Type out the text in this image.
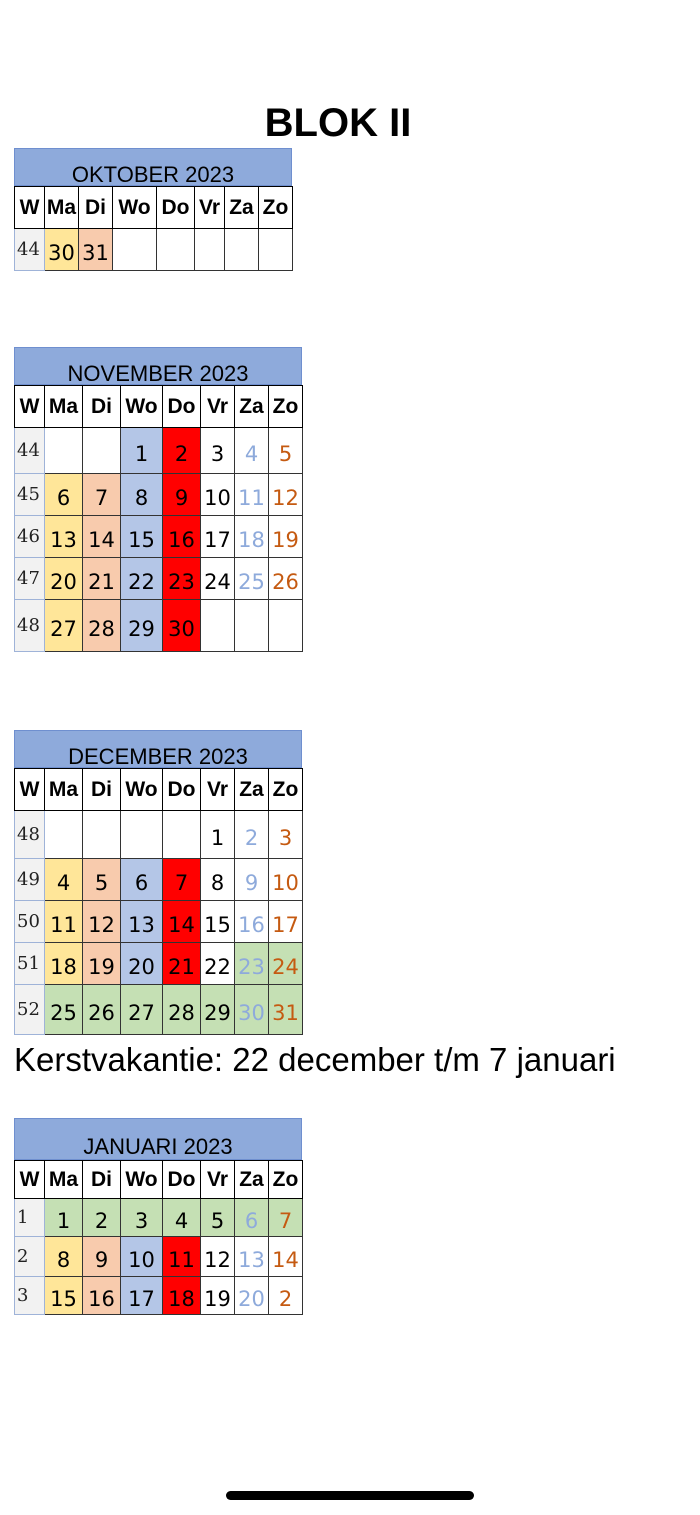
BLOK II
OKTOBER 2023
W	Ma	Di	Wo	Do	Vr	Za	Zo
44	30	31					
NOVEMBER 2023
W	Ma	Di	Wo	Do	Vr	Za	Zo
44			1	2	3	4	5
45	6	7	8	9	10	11	12
46	13	14	15	16	17	18	19
47	20	21	22	23	24	25	26
48	27	28	29	30			
DECEMBER 2023
W	Ma	Di	Wo	Do	Vr	Za	Zo
48					1	2	3
49	4	5	6	7	8	9	10
50	11	12	13	14	15	16	17
51	18	19	20	21	22	23	24
52	25	26	27	28	29	30	31
JANUARI 2023
W	Ma	Di	Wo	Do	Vr	Za	Zo
1	1	2	3	4	5	6	7
2	8	9	10	11	12	13	14
3	15	16	17	18	19	20	2
Kerstvakantie: 22 december t/m 7 januari
